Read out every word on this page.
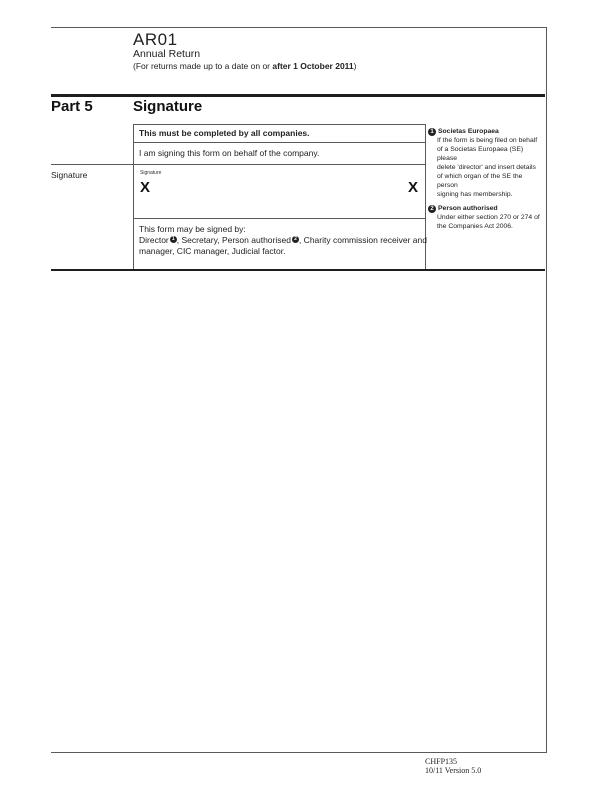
AR01
Annual Return
(For returns made up to a date on or after 1 October 2011)
Part 5	Signature
This must be completed by all companies.
I am signing this form on behalf of the company.
Signature	Signature
X	X
This form may be signed by:
Director 1 , Secretary, Person authorised 2 , Charity commission receiver and
manager, CIC manager, Judicial factor.
1 Societas Europaea
If the form is being filed on behalf
of a Societas Europaea (SE) please
delete 'director' and insert details
of which organ of the SE the person
signing has membership.
2 Person authorised
Under either section 270 or 274 of
the Companies Act 2006.
CHFP135
10/11 Version 5.0
